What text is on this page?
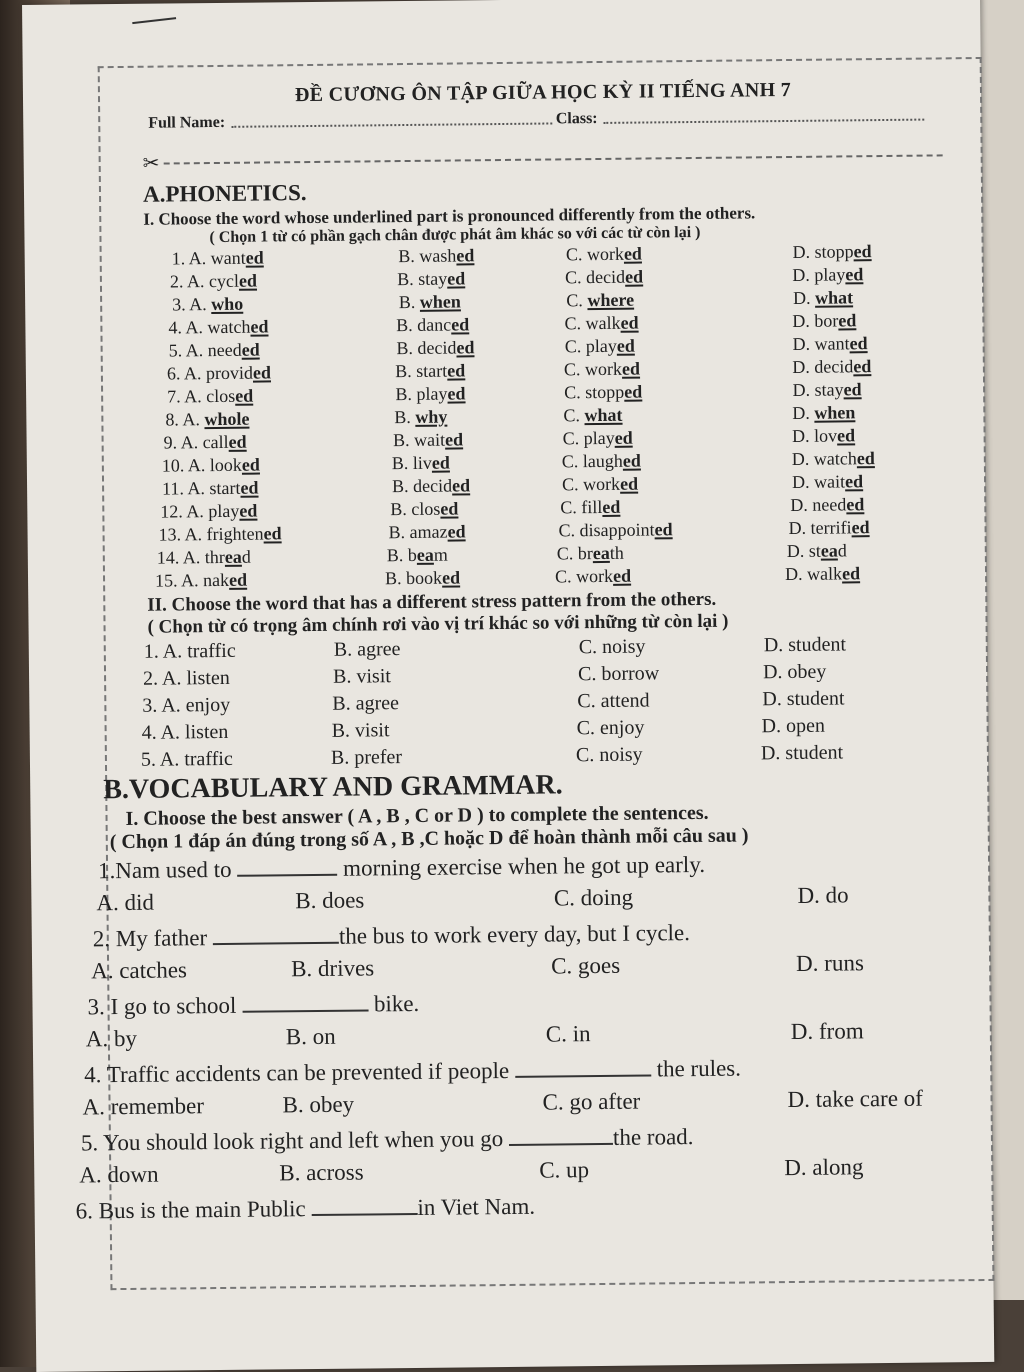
ĐỀ CƯƠNG ÔN TẬP GIỮA HỌC KỲ II TIẾNG ANH 7
Full Name:	Class:
✂
A.PHONETICS.
I. Choose the word whose underlined part is pronounced differently from the others.
( Chọn 1 từ có phần gạch chân được phát âm khác so với các từ còn lại )
1. A. wanted	B. washed	C. worked	D. stopped
2. A. cycled	B. stayed	C. decided	D. played
3. A. who	B. when	C. where	D. what
4. A. watched	B. danced	C. walked	D. bored
5. A. needed	B. decided	C. played	D. wanted
6. A. provided	B. started	C. worked	D. decided
7. A. closed	B. played	C. stopped	D. stayed
8. A. whole	B. why	C. what	D. when
9. A. called	B. waited	C. played	D. loved
10. A. looked	B. lived	C. laughed	D. watched
11. A. started	B. decided	C. worked	D. waited
12. A. played	B. closed	C. filled	D. needed
13. A. frightened	B. amazed	C. disappointed	D. terrified
14. A. thread	B. beam	C. breath	D. stead
15. A. naked	B. booked	C. worked	D. walked
II. Choose the word that has a different stress pattern from the others.
( Chọn từ có trọng âm chính rơi vào vị trí khác so với những từ còn lại )
1. A. traffic	B. agree	C. noisy	D. student
2. A. listen	B. visit	C. borrow	D. obey
3. A. enjoy	B. agree	C. attend	D. student
4. A. listen	B. visit	C. enjoy	D. open
5. A. traffic	B. prefer	C. noisy	D. student
B.VOCABULARY AND GRAMMAR.
I. Choose the best answer ( A , B , C or D ) to complete the sentences.
( Chọn 1 đáp án đúng trong số A , B ,C hoặc D để hoàn thành mỗi câu sau )
1.Nam used to	morning exercise when he got up early.
A. did	B. does	C. doing	D. do
2. My father	the bus to work every day, but I cycle.
A. catches	B. drives	C. goes	D. runs
3. I go to school	bike.
A. by	B. on	C. in	D. from
4. Traffic accidents can be prevented if people	the rules.
A. remember	B. obey	C. go after	D. take care of
5. You should look right and left when you go	the road.
A. down	B. across	C. up	D. along
6. Bus is the main Public	in Viet Nam.
